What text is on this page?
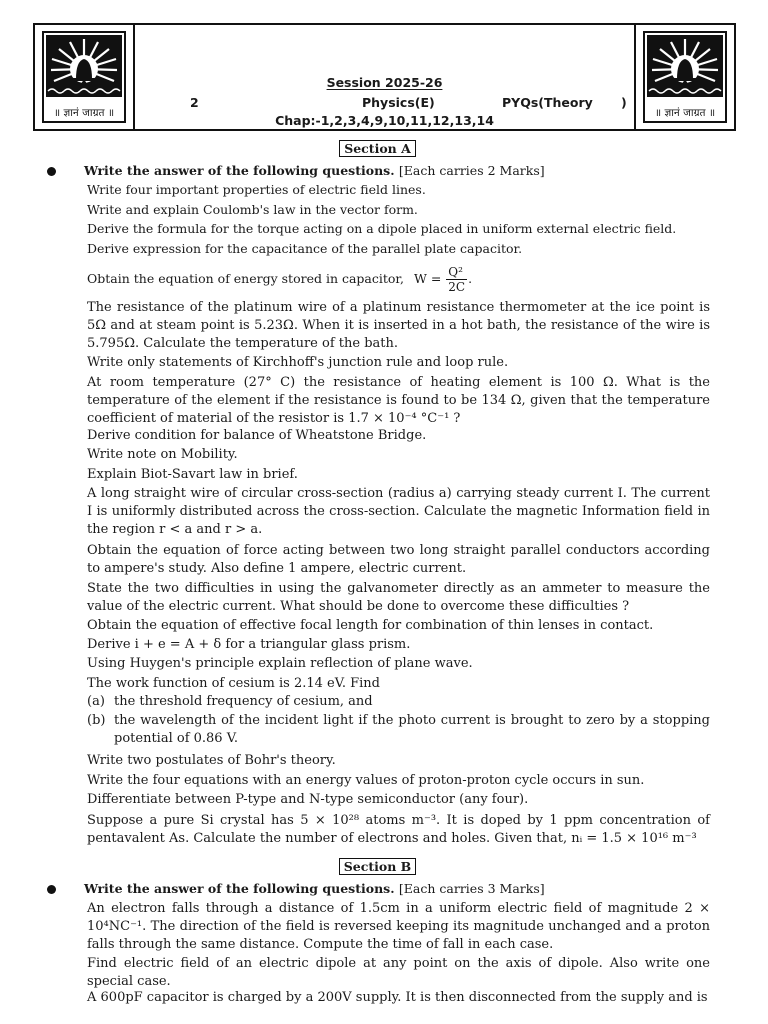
॥ ज्ञानं जाग्रत ॥
Session 2025-26
2	Physics(E)	PYQs(Theory )
Chap:-1,2,3,4,9,10,11,12,13,14	॥ ज्ञानं जाग्रत ॥
Section A
Write the answer of the following questions. [Each carries 2 Marks]
Write four important properties of electric field lines.
Write and explain Coulomb's law in the vector form.
Derive the formula for the torque acting on a dipole placed in uniform external electric field.
Derive expression for the capacitance of the parallel plate capacitor.
Obtain the equation of energy stored in capacitor, $W = \frac{\text{Q²}}{2C}$ .
The resistance of the platinum wire of a platinum resistance thermometer at the ice point is 5Ω and at steam point is 5.23Ω. When it is inserted in a hot bath, the resistance of the wire is 5.795Ω. Calculate the temperature of the bath.
Write only statements of Kirchhoff's junction rule and loop rule.
At room temperature (27° C) the resistance of heating element is 100 Ω. What is the temperature of the element if the resistance is found to be 134 Ω, given that the temperature coefficient of material of the resistor is 1.7 × 10⁻⁴ °C⁻¹ ?
Derive condition for balance of Wheatstone Bridge.
Write note on Mobility.
Explain Biot-Savart law in brief.
A long straight wire of circular cross-section (radius a) carrying steady current I. The current I is uniformly distributed across the cross-section. Calculate the magnetic Information field in the region r < a and r > a.
Obtain the equation of force acting between two long straight parallel conductors according to ampere's study. Also define 1 ampere, electric current.
State the two difficulties in using the galvanometer directly as an ammeter to measure the value of the electric current. What should be done to overcome these difficulties ?
Obtain the equation of effective focal length for combination of thin lenses in contact.
Derive i + e = A + δ for a triangular glass prism.
Using Huygen's principle explain reflection of plane wave.
The work function of cesium is 2.14 eV. Find
(a) the threshold frequency of cesium, and
(b) the wavelength of the incident light if the photo current is brought to zero by a stopping potential of 0.86 V.
Write two postulates of Bohr's theory.
Write the four equations with an energy values of proton-proton cycle occurs in sun.
Differentiate between P-type and N-type semiconductor (any four).
Suppose a pure Si crystal has 5 × 10²⁸ atoms m⁻³. It is doped by 1 ppm concentration of pentavalent As. Calculate the number of electrons and holes. Given that, nᵢ = 1.5 × 10¹⁶ m⁻³
Section B
Write the answer of the following questions. [Each carries 3 Marks]
An electron falls through a distance of 1.5cm in a uniform electric field of magnitude 2 × 10⁴NC⁻¹. The direction of the field is reversed keeping its magnitude unchanged and a proton falls through the same distance. Compute the time of fall in each case.
Find electric field of an electric dipole at any point on the axis of dipole. Also write one special case.
A 600pF capacitor is charged by a 200V supply. It is then disconnected from the supply and is
